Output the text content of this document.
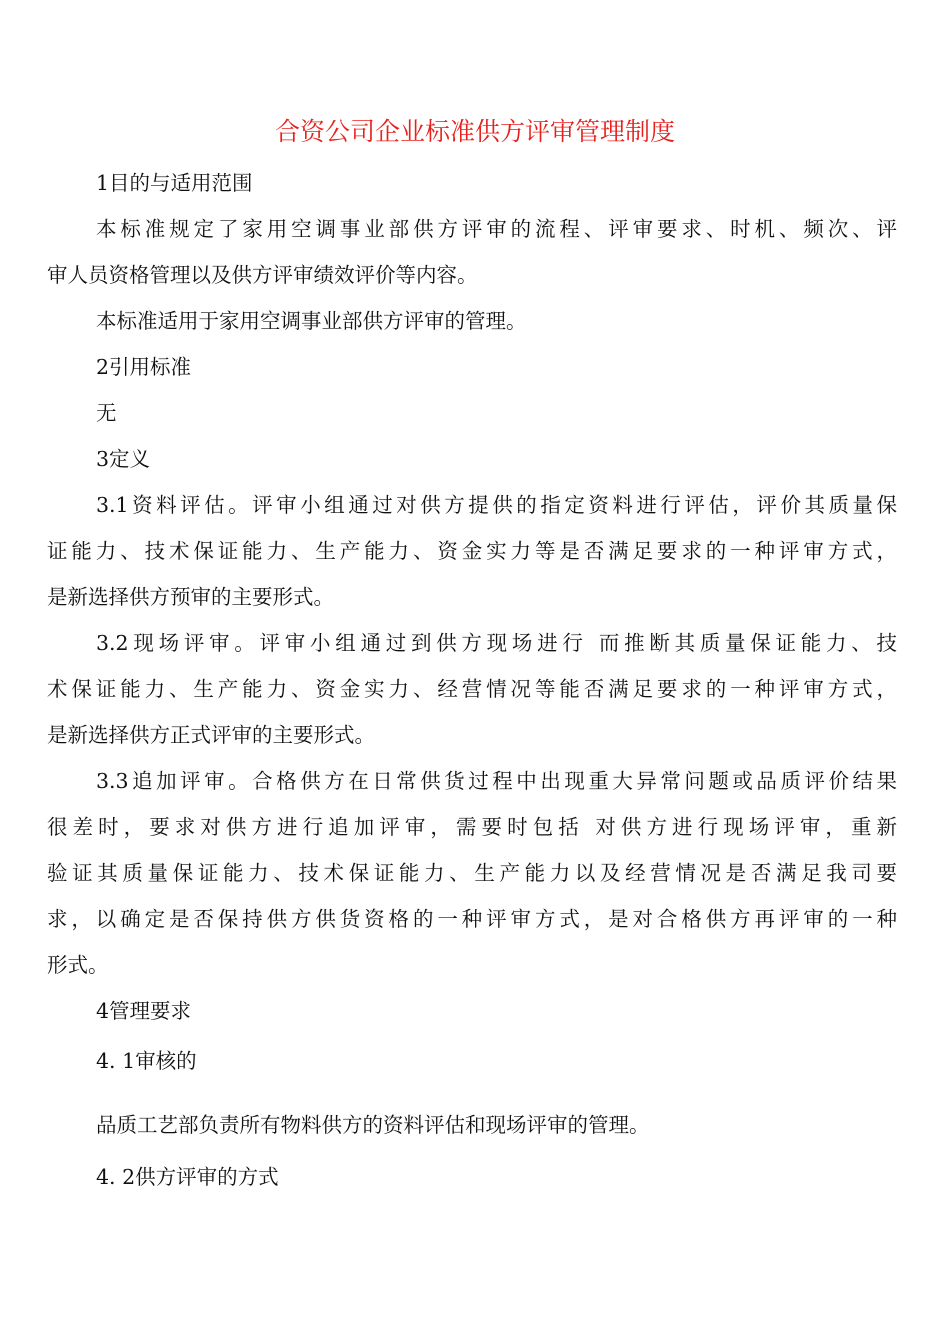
合资公司企业标准供方评审管理制度

1目的与适用范围

本标准规定了家用空调事业部供方评审的流程、评审要求、时机、频次、评

审人员资格管理以及供方评审绩效评价等内容。

本标准适用于家用空调事业部供方评审的管理。

2引用标准

无

3定义

3.1资料评估。评审小组通过对供方提供的指定资料进行评估，评价其质量保

证能力、技术保证能力、生产能力、资金实力等是否满足要求的一种评审方式，

是新选择供方预审的主要形式。

3.2现场评审。评审小组通过到供方现场进行 而推断其质量保证能力、技

术保证能力、生产能力、资金实力、经营情况等能否满足要求的一种评审方式，

是新选择供方正式评审的主要形式。

3.3追加评审。合格供方在日常供货过程中出现重大异常问题或品质评价结果

很差时，要求对供方进行追加评审，需要时包括 对供方进行现场评审，重新

验证其质量保证能力、技术保证能力、生产能力以及经营情况是否满足我司要

求，以确定是否保持供方供货资格的一种评审方式，是对合格供方再评审的一种

形式。

4管理要求

4. 1审核的

品质工艺部负责所有物料供方的资料评估和现场评审的管理。

4. 2供方评审的方式
